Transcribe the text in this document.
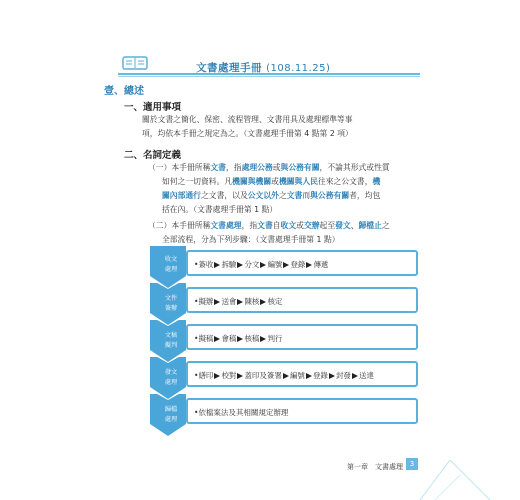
文書處理手冊 (108.11.25)
壹、總述
一、適用事項
關於文書之簡化、保密、流程管理、文書用具及處理標準等事
項，均依本手冊之規定為之。（文書處理手冊第 4 點第 2 項）
二、名詞定義
（一）本手冊所稱文書，指處理公務或與公務有關，不論其形式或性質
如何之一切資料。凡機關與機關或機關與人民往來之公文書，機
關內部通行之文書，以及公文以外之文書而與公務有關者，均包
括在內。（文書處理手冊第 1 點）
（二）本手冊所稱文書處理，指文書自收文或交辦起至發文、歸檔止之
全部流程，分為下列步驟：（文書處理手冊第 1 點）
收文
處理
•簽收 拆驗 分文 編號 登錄 傳遞
文件
簽辦
•擬辦 送會 陳核 核定
文稿
擬判
•擬稿 會稿 核稿 判行
發文
處理
•繕印 校對 蓋印及簽署 編號 登錄 封發 送達
歸檔
處理
•依檔案法及其相關規定辦理
第一章　文書處理 3
